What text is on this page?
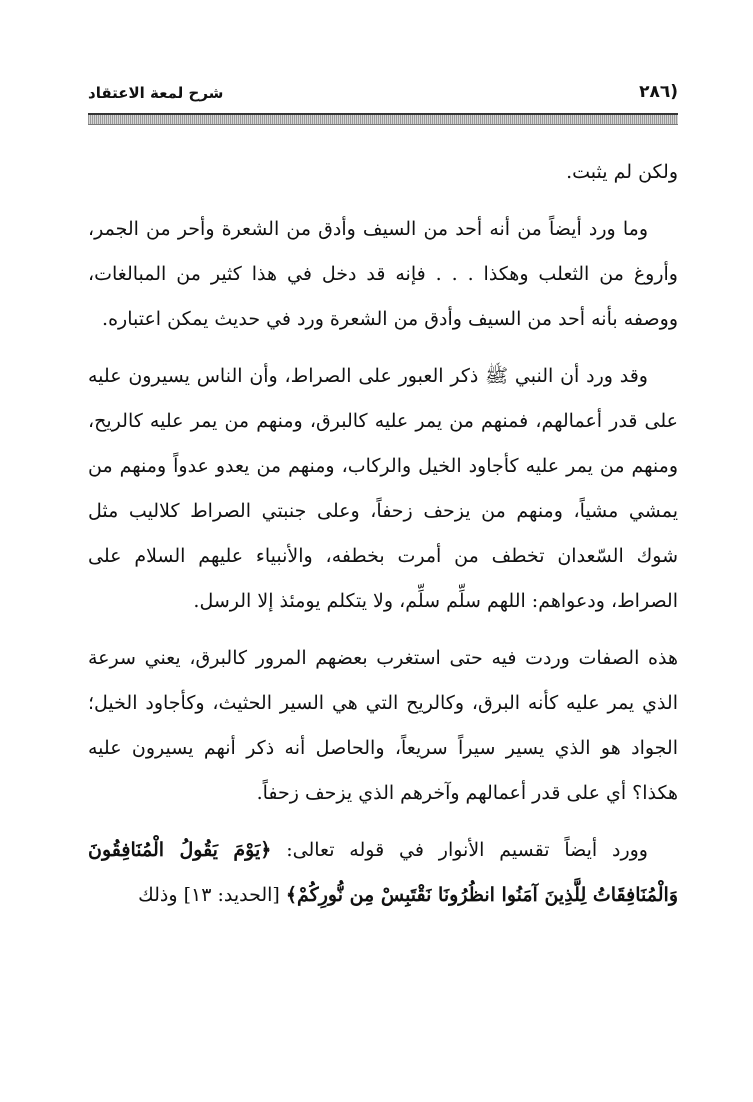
(٢٨٦
شرح لمعة الاعتقاد

ولكن لم يثبت.

وما ورد أيضاً من أنه أحد من السيف وأدق من الشعرة وأحر من الجمر، وأروغ من الثعلب وهكذا . . . فإنه قد دخل في هذا كثير من المبالغات، ووصفه بأنه أحد من السيف وأدق من الشعرة ورد في حديث يمكن اعتباره.

وقد ورد أن النبي ﷺ ذكر العبور على الصراط، وأن الناس يسيرون عليه على قدر أعمالهم، فمنهم من يمر عليه كالبرق، ومنهم من يمر عليه كالريح، ومنهم من يمر عليه كأجاود الخيل والركاب، ومنهم من يعدو عدواً ومنهم من يمشي مشياً، ومنهم من يزحف زحفاً، وعلى جنبتي الصراط كلاليب مثل شوك السّعدان تخطف من أمرت بخطفه، والأنبياء عليهم السلام على الصراط، ودعواهم: اللهم سلِّم سلِّم، ولا يتكلم يومئذ إلا الرسل.

هذه الصفات وردت فيه حتى استغرب بعضهم المرور كالبرق، يعني سرعة الذي يمر عليه كأنه البرق، وكالريح التي هي السير الحثيث، وكأجاود الخيل؛ الجواد هو الذي يسير سيراً سريعاً، والحاصل أنه ذكر أنهم يسيرون عليه هكذا؟ أي على قدر أعمالهم وآخرهم الذي يزحف زحفاً.

وورد أيضاً تقسيم الأنوار في قوله تعالى: ﴿يَوْمَ يَقُولُ الْمُنَافِقُونَ وَالْمُنَافِقَاتُ لِلَّذِينَ آمَنُوا انظُرُونَا نَقْتَبِسْ مِن نُّورِكُمْ﴾ [الحديد: ١٣] وذلك
